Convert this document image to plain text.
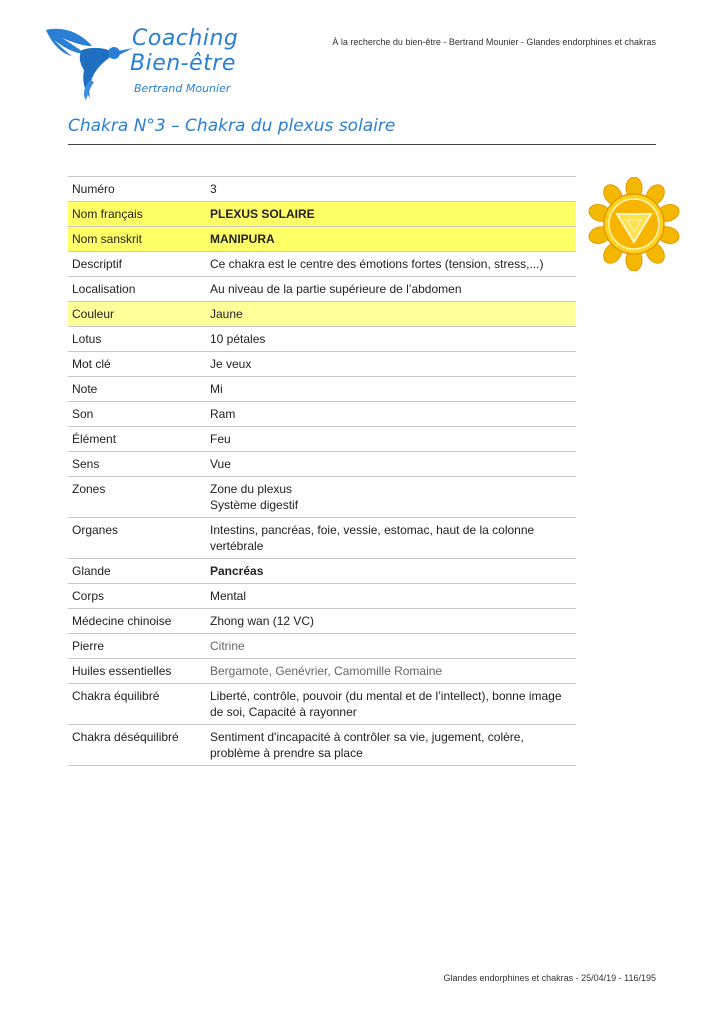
Coaching
Bien-être
Bertrand Mounier
À la recherche du bien-être - Bertrand Mounier - Glandes endorphines et chakras
Chakra N°3 – Chakra du plexus solaire
Numéro	3
Nom français	PLEXUS SOLAIRE
Nom sanskrit	MANIPURA
Descriptif	Ce chakra est le centre des émotions fortes (tension, stress,...)
Localisation	Au niveau de la partie supérieure de l’abdomen
Couleur	Jaune
Lotus	10 pétales
Mot clé	Je veux
Note	Mi
Son	Ram
Élément	Feu
Sens	Vue
Zones	Zone du plexus
Système digestif

Organes	Intestins, pancréas, foie, vessie, estomac, haut de la colonne vertébrale
Glande	Pancréas
Corps	Mental
Médecine chinoise	Zhong wan (12 VC)
Pierre	Citrine
Huiles essentielles	Bergamote, Genévrier, Camomille Romaine
Chakra équilibré	Liberté, contrôle, pouvoir (du mental et de l’intellect), bonne image de soi, Capacité à rayonner
Chakra déséquilibré	Sentiment d'incapacité à contrôler sa vie, jugement, colère, problème à prendre sa place
Glandes endorphines et chakras - 25/04/19 - 116/195
